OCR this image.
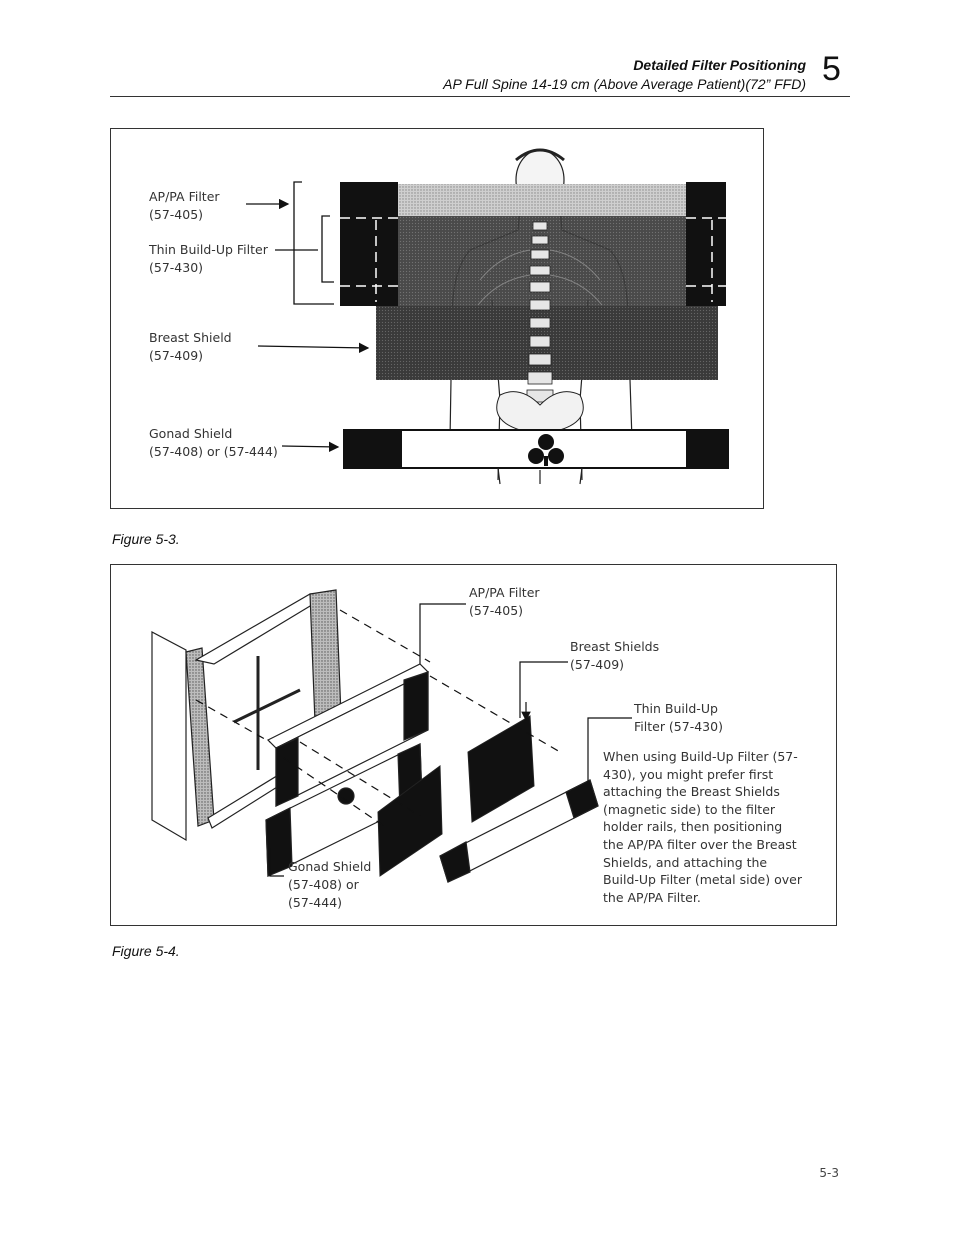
Detailed Filter Positioning
AP Full Spine 14-19 cm (Above Average Patient)(72” FFD) 5
AP/PA Filter
(57-405)
Thin Build-Up Filter
(57-430)
Breast Shield
(57-409)
Gonad Shield
(57-408) or (57-444)
Figure 5-3.
AP/PA Filter
(57-405)
Breast Shields
(57-409)
Thin Build-Up
Filter (57-430)
Gonad Shield
(57-408) or
(57-444)
When using Build-Up Filter (57-430), you might prefer first attaching the Breast Shields (magnetic side) to the filter holder rails, then positioning the AP/PA filter over the Breast Shields, and attaching the Build-Up Filter (metal side) over the AP/PA Filter.
Figure 5-4.
5-3
